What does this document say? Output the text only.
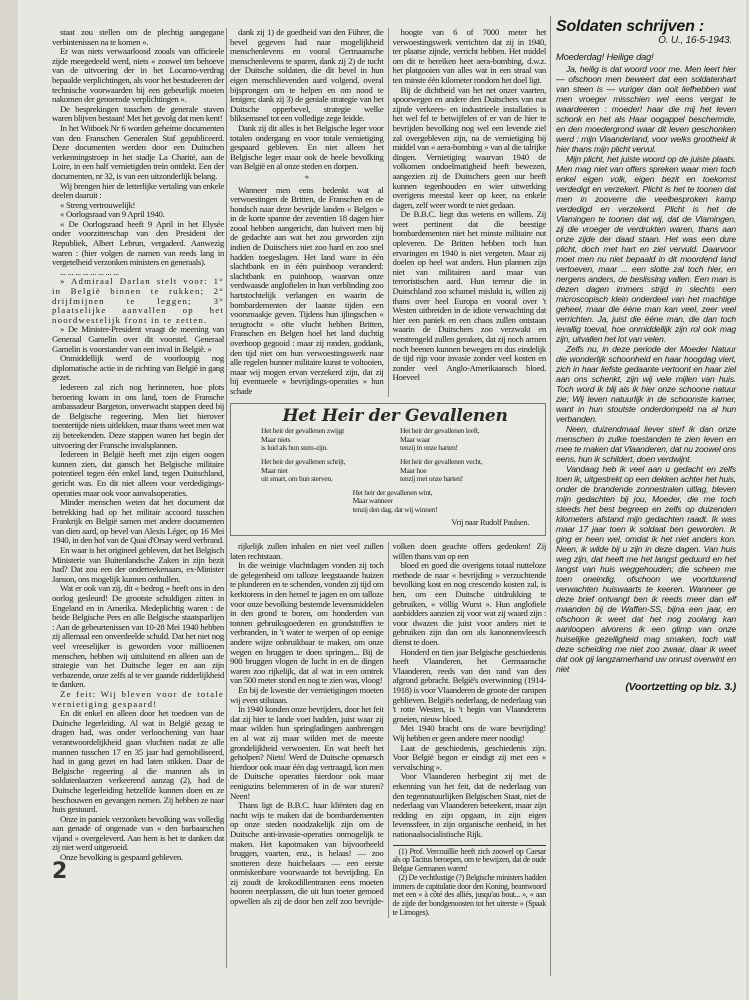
staat zou stellen om de plechtig aangegane verbintenissen na te komen ».

Er was niets verwaarloosd zooals van officieele zijde meegedeeld werd, niets « zoowel ten behoeve van de uitvoering der in het Locarno-verdrag bepaalde verplichtingen, als voor het bestudeeren der technische voorwaarden bij een gebeurlijk moeten nakomen der genoemde verplichtingen ».

De besprekingen tusschen de generale staven waren blijven bestaan! Met het gevolg dat men kent!

In het Witboek Nr 6 worden geheime documenten van den Franschen Generalen Staf gepubliceerd. Deze documenten werden door een Duitschen verkenningstroep in het stadje La Charité, aan de Loire, in een half vernietigden trein ontdekt. Een der documenten, nr 32, is van een uitzonderlijk belang.

Wij brengen hier de letterlijke vertaling van enkele deelen daaruit :

« Streng vertrouwelijk!

« Oorlogsraad van 9 April 1940.

« De Oorlogsraad heeft 9 April in het Elysée onder voorzitterschap van den President der Republiek, Albert Lebrun, vergaderd. Aanwezig waren : (hier volgen de namen van reeds lang in vergetelheid verzonken ministers en generaals).

... ... ... ... ... ... ... ...

» Admiraal Darlan stelt voor: 1° in België binnen te rukken; 2° drijfmijnen te leggen; 3° plaatselijke aanvallen op het noordwestelijk front in te zetten.

» De Minister-President vraagt de meening van Generaal Gamelin over dit voorstel. Generaal Gamelin is voorstander van een inval in België. »

Onmiddellijk werd de voorloopig nog diplomatische actie in de richting van België in gang gezet.

Iedereen zal zich nog herinneren, hoe plots beroering kwam in ons land, toen de Fransche ambassadeur Bargeton, onverwacht stappen deed bij de Belgische regeering. Men liet hierover toentertijde niets uitlekken, maar thans weet men wat zij beteekenden. Deze stappen waren het begin der uitvoering der Fransche invalsplannen.

Iedereen in België heeft met zijn eigen oogen kunnen zien, dat gansch het Belgische militaire potentieel tegen één enkel land, tegen Duitschland, gericht was. En dit niet alleen voor verdedigings-operaties maar ook voor aanvalsoperaties.

Minder menschen weten dat het document dat betrekking had op het militair accoord tusschen Frankrijk en België samen met andere documenten van dien aard, op bevel van Alexis Léger, op 16 Mei 1940, in den hof van de Quai d'Orsay werd verbrand.

En waar is het origineel gebleven, dat het Belgisch Ministerie van Buitenlandsche Zaken in zijn bezit had? Dat zou een der onderteekenaars, ex-Minister Janson, ons mogelijk kunnen onthullen.

Wat er ook van zij, dit « bedrog » heeft ons in den oorlog gesleurd! De grootste schuldigen zitten in Engeland en in Amerika. Medeplichtig waren : de beide Belgische Pers en alle Belgische staatsparlijen : Aan de gebeurtenissen van 10-28 Mei 1940 hebben zij allemaal een onverdeelde schuld. Dat het niet nog veel vreeselijker is geworden voor millioenen menschen, hebben wij uitsluitend en alleen aan de strategie van het Duitsche leger en aan zijn verbazende, onze zelfs al te ver gaande ridderlijkheid te danken.

Ze feit: Wij bleven voor de totale vernietiging gespaard!

En dit enkel en alleen door het toedoen van de Duitsche legerleiding. Al wat in België gezag te dragen had, was onder verloochening van haar verantwoordelijkheid gaan vluchten nadat ze alle mannen tusschen 17 en 35 jaar had gemobiliseerd, had in gang gezet en had laten stikken. Daar de Belgische regeering al die mannen als in soldatenlaarzen verkeerend aanzag (2), had de Duitsche legerleiding hetzelfde kunnen doen en ze beschouwen en gevangen nemen. Zij hebben ze naar huis gestuurd.

Onze in paniek verzonken bevolking was volledig aan genade of ongenade van « den barbaarschen vijand » overgeleverd. Aan hem is het te danken dat zij niet werd uitgeroeid.

Onze bevolking is gespaard gebleven.

2

dank zij 1) de goedheid van den Führer, die bevel gegeven had naar mogelijkheid menschenlevens en vooral Germaansche menschenlevens te sparen, dank zij 2) de tucht der Duitsche soldaten, die dit bevel in hun eigen menschlievenden aard volgend, overal bijsprongen om te helpen en om nood te lenigen; dank zij 3) de geniale strategie van het Duitsche opperbevel, strategie welke bliksemsnel tot een volledige zege leidde.

Dank zij dit alles is het Belgische leger voor totalen ondergang en voor totale vernietiging gespaard gebleven. En niet alleen het Belgische leger maar ook de heele bevolking van België en al onze steden en dorpen.

*

Wanneer men eens bedenkt wat al verwoestingen de Britten, de Franschen en de hondsch naar deze bevrijde landen « Belgen » in de korte spanne der zeventien 18 dagen hier zooal hebben aangericht, dan huivert men bij de gedachte aan wat het zou geworden zijn indien de Duitschers niet zoo hard en zoo snel hadden toegeslagen. Het land ware in één slachtbank en in één puinhoop veranderd: slachtbank en puinhoop, waarvan onze verdwaasde anglofielen in hun verblinding zoo hartstochtelijk verlangen en waarin de bombardementen der laatste tijden een voorsmaakje geven. Tijdens hun ijlingschen « terugtocht » ofte vlucht hebben Britten, Franschen en Belgen hoel het land duchtig overhoop gegooid : maar zij ronden, goddank, den tijd niet om hun verwoestingswerk naar alle regelen hunner militaire kunst te voltooien, maar wij mogen ervan verzekerd zijn, dat zij bij eventueele « bevrijdings-operaties » hun schade

hoogte van 6 of 7000 meter het verwoestingswerk verrichten dat zij in 1940, ter plaatse zijnde, verricht hebben. Het middel om dit te bereiken heet aera-bombing, d.w.z. het platgooien van alles wat in een straal van ten minste één kilometer rondom het doel ligt.

Bij de dichtheid van het net onzer vaarten, spoorwegen en andere den Duitschers van nut zijnde verkeers- en industrieele installaties is het wel fel te betwijfelen of er van de hier te bevrijden bevolking nog wel een levende ziel zal overgebleven zijn, na de vernietiging bij middel van « aera-bombing » van al die talrijke dingen. Vernietiging waarvan 1940 de volkomen ondoelmatigheid heeft bewezen, aangezien zij de Duitschers geen uur heeft kunnen tegenhouden en wier uitwerking overigens meestal keer op keer, na enkele dagen, zelf weer wordt te niet gedaan.

De B.B.C. liegt dus wetens en willens. Zij weet pertinent dat die beestige bombardementen niet het minste militaire nut opleveren. De Britten hebben toch hun ervaringen en 1940 is niet vergeten. Maar zij doelen op heel wat anders. Hun plannen zijn niet van militairen aard maar van terroristischen aard. Hun terreur die in Duitschland zoo schamel mislukt is, willen zij thans over heel Europa en vooral over 't Westen uitbreiden in de idiote verwachting dat hier een paniek en een chaos zullen ontstaan waarin de Duitschers zoo verzwakt en verstrengeld zullen geraken, dat zij noch armen noch beenen kunnen bewegen en dus eindelijk de tijd rijp voor invasie zonder veel kosten en zonder veel Anglo-Amerikaansch bloed. Hoeveel

Het Heir der Gevallenen
Het heir der gevallenen zwijgt
Maar niets
is luid als hun stem-zijn.
Het heir der gevallenen leeft,
Maar waar
tenzij in onze harten!
Het heir der gevallenen schrijt,
Maar niet
uit smart, om hun sterven.
Het heir der gevallenen vecht,
Maar hoe
tenzij met onze harten!
Het heir der gevallenen wint,
Maar wanneer
tenzij den dag, dat wij winnen!
Vrij naar Rudolf Paulsen.

rijkelijk zullen inhalen en niet veel zullen laten rechtstaan.

In die weinige vluchtdagen vonden zij toch de gelegenheid om talloze leegstaande huizen te plunderen en te schenden, vonden zij tijd om kerktorens in den hemel te jagen en om talloze voor onze bevolking bestemde levensmiddelen in den grond te boren, om honderden van tonnen gebruiksgoederen en grondstoffen te verbranden, in 't water te werpen of op eenige andere wijze onbruikbaar te maken, om onze wegen en bruggen te doen springen... Bij de 900 bruggen vlogen de lucht in en de dingen waren zoo rijkelijk, dat al wat in een omtrek van 500 meter stond en nog te zien was, vloog!

En bij de kwestie der vernietigingen moeten wij even stilstaan.

In 1940 konden onze bevrijders, door het feit dat zij hier te lande voet hadden, juist waar zij maar wilden hun springladingen aanbrengen en al wat zij maar wilden met de meeste grondelijkheid verwoesten. En wat heeft het geholpen? Niets! Werd de Duitsche opmarsch hierdoor ook maar één dag vertraagd, kon men de Duitsche operaties hierdoor ook maar eenigszins belemmeren of in de war sturen? Neen!

Thans ligt de B.B.C. haar kliënten dag en nacht wijs te maken dat de bombardementen op onze steden noodzakelijk zijn om de Duitsche anti-invasie-operaties onmogelijk te maken. Het kapotmaken van bijvoorbeeld bruggen, vaarten, enz., is helaas! — zoo snotteren deze huichelaars — een eerste onmiskenbare voorwaarde tot bevrijding. En zij zoudt de krokodillentranen eens moeten hooren neerplassen, die uit hun toeter gemoed opwellen als zij de door hen zelf zoo bevrijde-volken doen geachte offers gedenken! Zij willen thans van op een

bloed en goed die overigens totaal nutteloze methode de naar « bevrijding » verzuchtende bevolking kost en nog crescendo kosten zal, is hen, om een Duitsche uitdrukking te gebruiken, « völlig Wurst ». Hun anglofiele aanbidders aanzien zij voor wat zij waard zijn : voor dwazen die juist voor anders niet te gebruiken zijn dan om als kanonnenvleesch dienst te doen.

Honderd en tien jaar Belgische geschiedenis heeft Vlaanderen, het Germaansche Vlaanderen, reeds van den rand van den afgrond gebracht. België's overwinning (1914-1918) is voor Vlaanderen de groote der rampen geblieven. België's nederlaag, de nederlaag van 't rotte Westen, is 't begin van Vlaanderens groeien, nieuw bloed.

Mei 1940 bracht ons de ware bevrijding! Wij hebben er geen andere meer noodig!

Laat de geschiedenis, geschiedenis zijn. Voor België begon er eindigt zij met een « vervalsching ».

Voor Vlaanderen herbegint zij met de erkenning van het feit, dat de nederlaag van den tegennatuurlijken Belgischen Staat, niet de nederlaag van Vlaanderen beteekent, maar zijn redding en zijn opgaan, in zijn eigen levenssfeer, in zijn organische eenheid, in het nationaalsocialistische Rijk.

(1) Prof. Vercouillie heeft zich zoowel op Caesar als op Tacitus beroepen, om te bewijzen, dat de oude Belgae Germanen waren!

(2) De vechtlustige (?) Belgische ministers hadden immers de capitulatie door den Koning, beantwoord met een « à côté des alliés, jusqu'au bout... », « aan de zijde der bondgenoosten tot het uiterste » (Spaak te Limoges).

Soldaten schrijven :
O. U., 16-5-1943.
Moederdag! Heilige dag!

Ja, heilig is dat woord voor me. Men leert hier — ofschoon men beweert dat een soldatenhart van steen is — vuriger dan ooit liefhebben wat men vroeger misschien wel eens vergat te waardeeren : moeder! haar die mij het leven schonk en het als Haar oogappel beschermde, en den moedergrond waar dit leven geschonken werd : mijn Vlaanderland, voor welks grootheid ik hier thans mijn plicht vervul.

Mijn plicht, het juiste woord op de juiste plaats. Men mag niet van offers spreken waar men toch enkel eigen volk, eigen bezit en toekomst verdedigt en verzekert. Plicht is het te toonen dat men in zooverre die veelbesproken kamp verdedigd en verzekerd. Plicht is het de Vlamingen te toonen dat wij, dat de Vlamingen, zij die vroeger de verdrukten waren, thans aan onze zijde der daad staan. Het was een dure plicht, doch met hart en ziel vervuld. Daarvoor moet men nu niet bepaald in dit moordend land vertoeven, maar ... een slotte zal toch hier, en nergens anders, de beslissing vallen. Een man is dezen dagen immers strijd in slechts een microscopisch klein onderdeel van het machtige geheel, maar die ééne man kan veel, zeer veel verrichten. Ja, juist die ééne man, die dan toch ievallig toeval, hoe onmiddellijk zijn rol ook mag zijn, uitvallen het lot van velen.

Zelfs nu, in deze periode der Moeder Natuur die wonderlijk schoonheid en haar hoogdag viert, zich in haar liefste gedaante vertoont en haar ziel aan ons schenkt, zijn wij vele mijlen van huis. Toch word ik blij als ik hier onze schoone natuur zie; Wij leven natuurlijk in de schoonste kamer, want in hun stoutste onderdompeld na al hun verbanden.

Neen, duizendmaal liever sterf ik dan onze menschen in zulke toestanden te zien leven en mee te maken dat Vlaanderen, dat nu zoowel ons eens, hun ik schildert, doen verdwijnt.

Vandaag heb ik veel aan u gedacht en zelfs toen ik, uitgestrekt op een dekken achter het huis, onder de brandende zonnestralen uitlag, bleven mijn gedachten bij jou, Moeder, die me toch steeds het best begreep en zelfs op duizenden kilometers afstand mijn gedachten raadt. Ik was maar 17 jaar toen ik soldaat ben geworden. Ik ging er heen wel, omdat ik het niet anders kon. Neen, ik wilde bij u zijn in deze dagen. Van huis weg zijn, dat heeft me het langst geduurd en het langst van huis weggehouden; die scheen me toen oneindig, ofschoon we voortdurend verwachten huiswaarts te keeren. Wanneer ge deze brief ontvangt ben ik reeds meer dan elf maanden bij de Waffen-SS, bijna een jaar, en ofschoon ik weet dat het nog zoolang kan aanloopen alvorens ik een glimp van onze huiselijke gezelligheid mag smaken, toch valt deze scheiding me niet zoo zwaar, daar ik weet dat ook gij langzamerhand uw onrust overwint en niet

(Voortzetting op blz. 3.)
